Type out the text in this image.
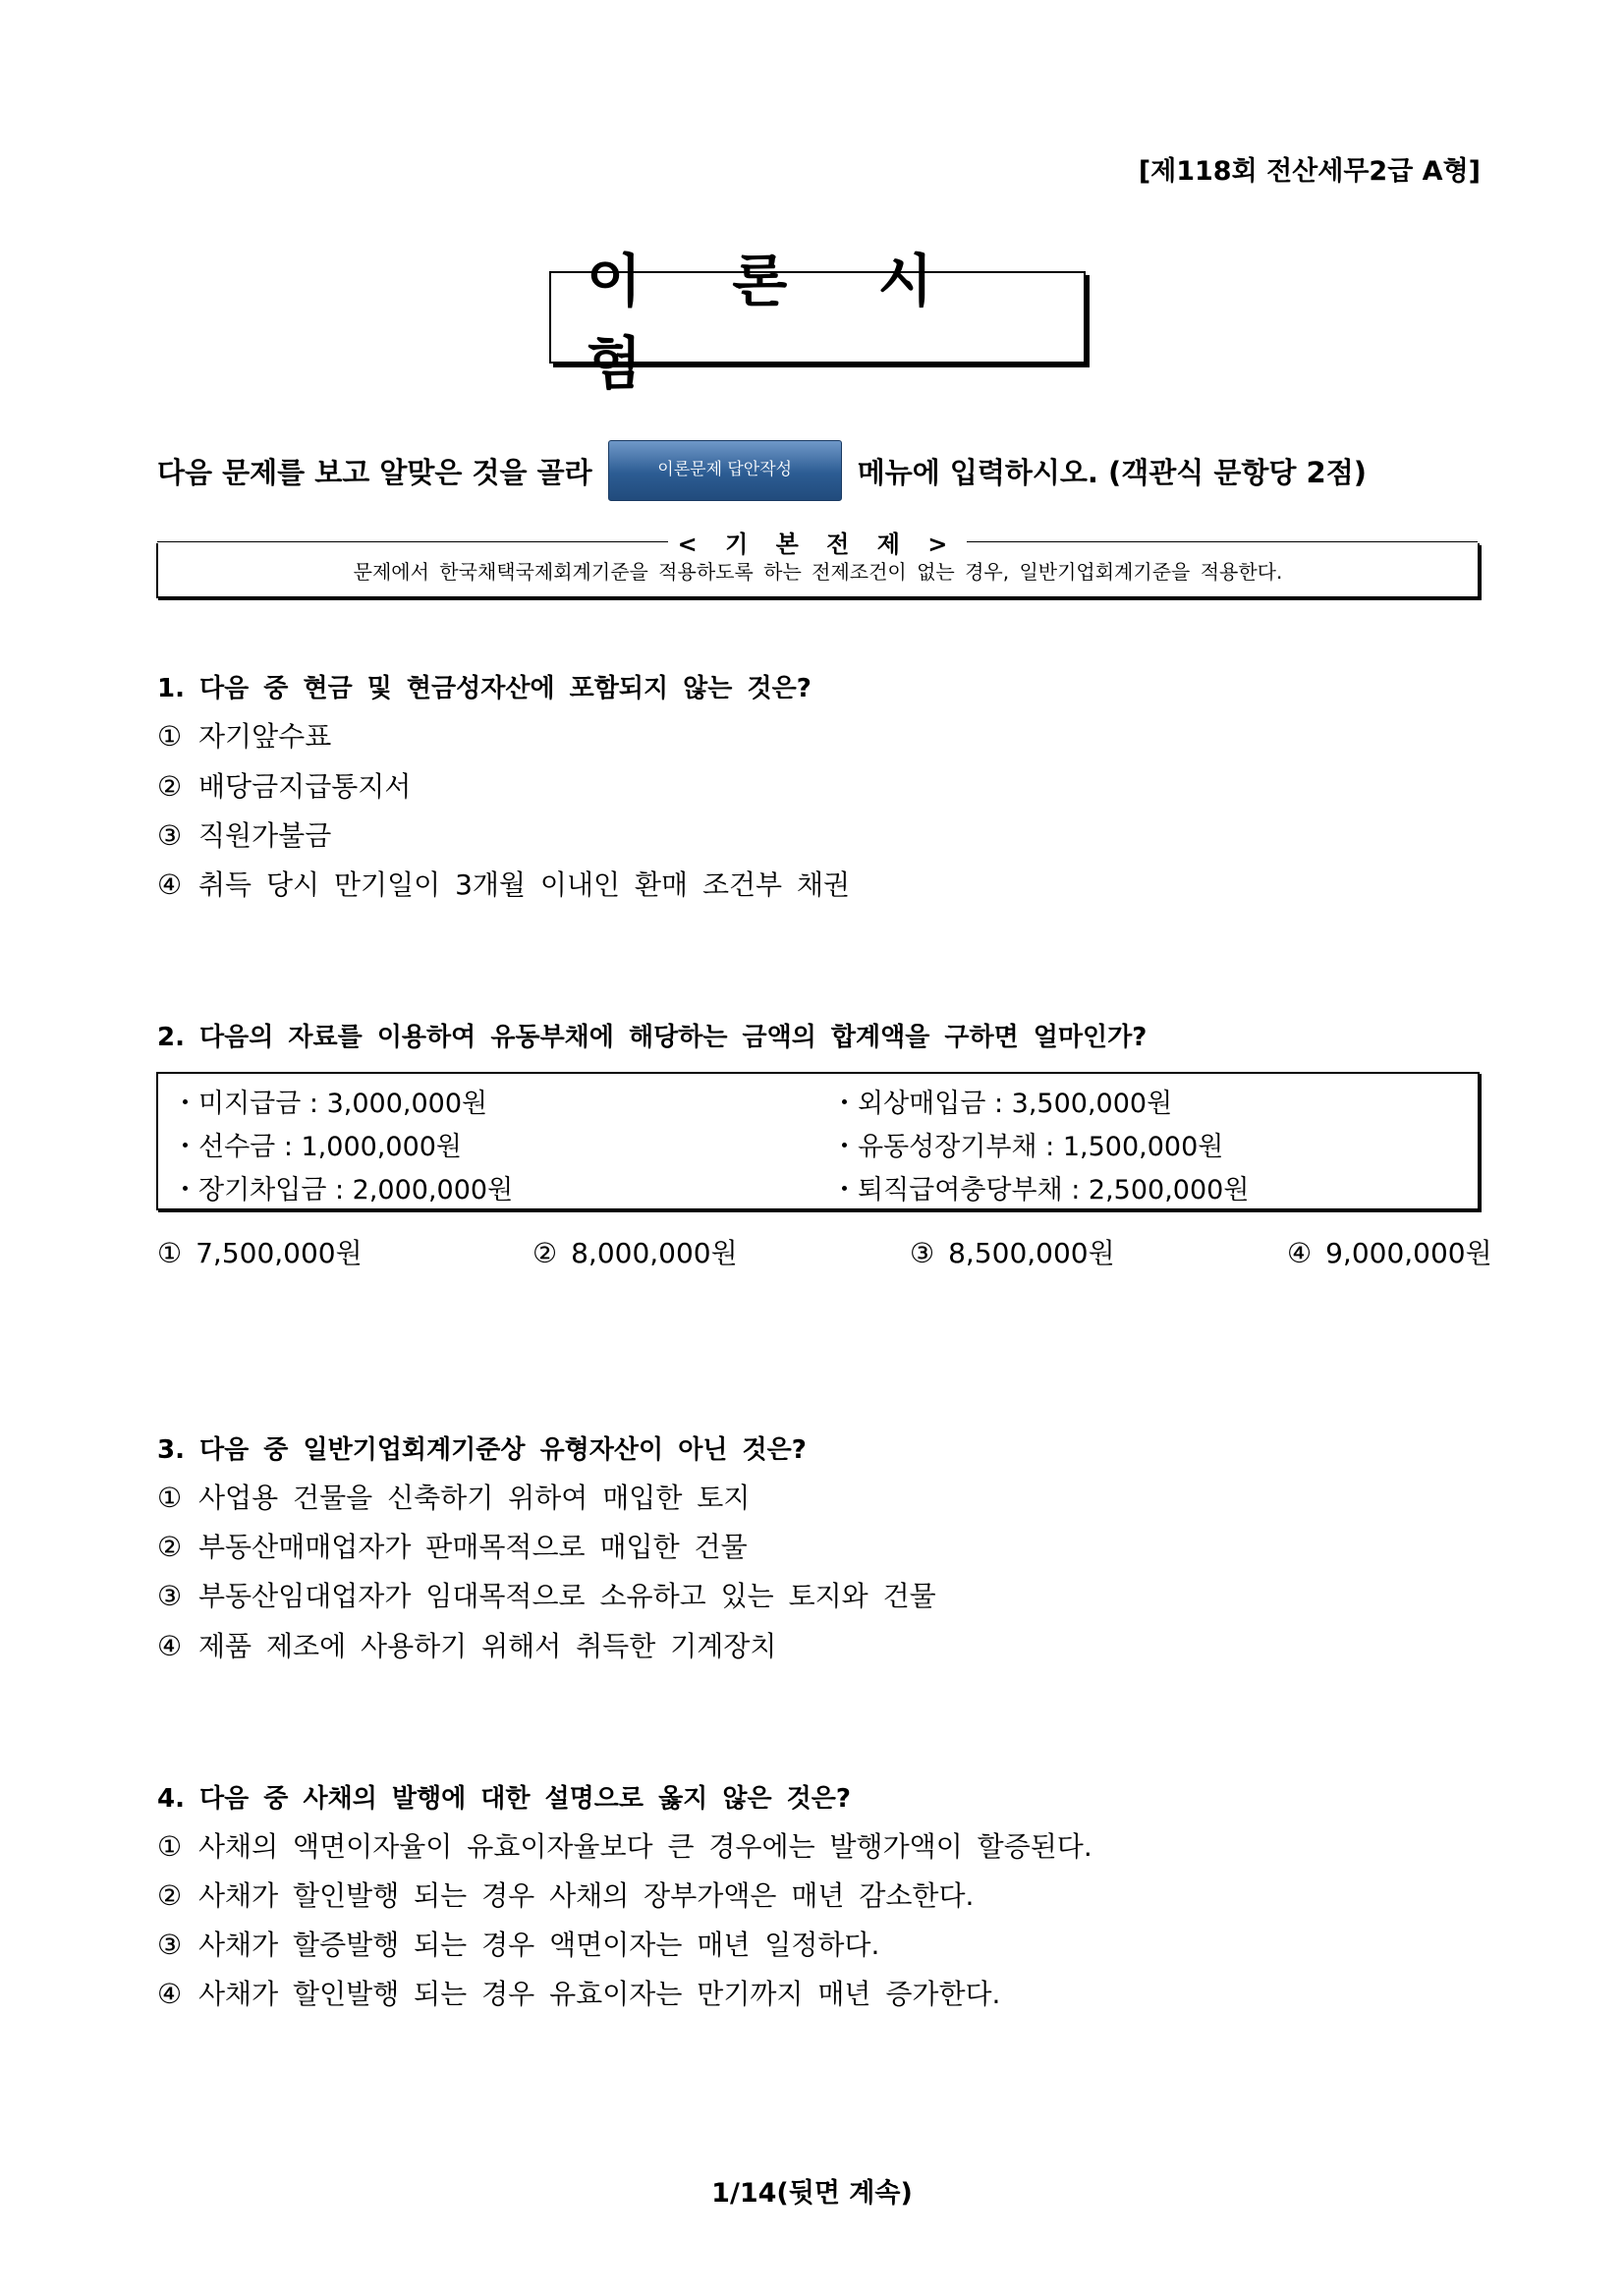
[제118회 전산세무2급 A형]
이 론 시 험
다음 문제를 보고 알맞은 것을 골라	이론문제 답안작성	메뉴에 입력하시오. (객관식 문항당 2점)
< 기 본 전 제 >
문제에서 한국채택국제회계기준을 적용하도록 하는 전제조건이 없는 경우, 일반기업회계기준을 적용한다.
1. 다음 중 현금 및 현금성자산에 포함되지 않는 것은?
① 자기앞수표
② 배당금지급통지서
③ 직원가불금
④ 취득 당시 만기일이 3개월 이내인 환매 조건부 채권
2. 다음의 자료를 이용하여 유동부채에 해당하는 금액의 합계액을 구하면 얼마인가?
・미지급금 : 3,000,000원	・외상매입금 : 3,500,000원
・선수금 : 1,000,000원	・유동성장기부채 : 1,500,000원
・장기차입금 : 2,000,000원	・퇴직급여충당부채 : 2,500,000원
① 7,500,000원	② 8,000,000원	③ 8,500,000원	④ 9,000,000원
3. 다음 중 일반기업회계기준상 유형자산이 아닌 것은?
① 사업용 건물을 신축하기 위하여 매입한 토지
② 부동산매매업자가 판매목적으로 매입한 건물
③ 부동산임대업자가 임대목적으로 소유하고 있는 토지와 건물
④ 제품 제조에 사용하기 위해서 취득한 기계장치
4. 다음 중 사채의 발행에 대한 설명으로 옳지 않은 것은?
① 사채의 액면이자율이 유효이자율보다 큰 경우에는 발행가액이 할증된다.
② 사채가 할인발행 되는 경우 사채의 장부가액은 매년 감소한다.
③ 사채가 할증발행 되는 경우 액면이자는 매년 일정하다.
④ 사채가 할인발행 되는 경우 유효이자는 만기까지 매년 증가한다.
1/14(뒷면 계속)
